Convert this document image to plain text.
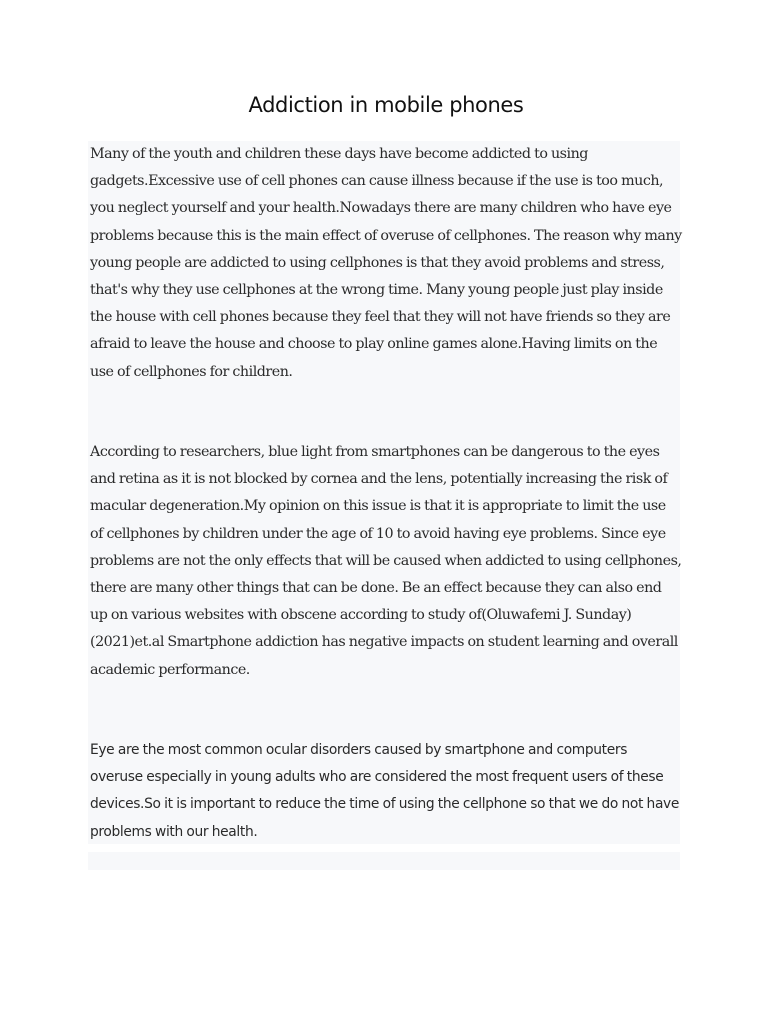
Addiction in mobile phones

Many of the youth and children these days have become addicted to using gadgets.Excessive use of cell phones can cause illness because if the use is too much, you neglect yourself and your health.Nowadays there are many children who have eye problems because this is the main effect of overuse of cellphones. The reason why many young people are addicted to using cellphones is that they avoid problems and stress, that's why they use cellphones at the wrong time. Many young people just play inside the house with cell phones because they feel that they will not have friends so they are afraid to leave the house and choose to play online games alone.Having limits on the use of cellphones for children.

According to researchers, blue light from smartphones can be dangerous to the eyes and retina as it is not blocked by cornea and the lens, potentially increasing the risk of macular degeneration.My opinion on this issue is that it is appropriate to limit the use of cellphones by children under the age of 10 to avoid having eye problems. Since eye problems are not the only effects that will be caused when addicted to using cellphones, there are many other things that can be done. Be an effect because they can also end up on various websites with obscene according to study of(Oluwafemi J. Sunday)(2021)et.al Smartphone addiction has negative impacts on student learning and overall academic performance.

Eye are the most common ocular disorders caused by smartphone and computers overuse especially in young adults who are considered the most frequent users of these devices.So it is important to reduce the time of using the cellphone so that we do not have problems with our health.
